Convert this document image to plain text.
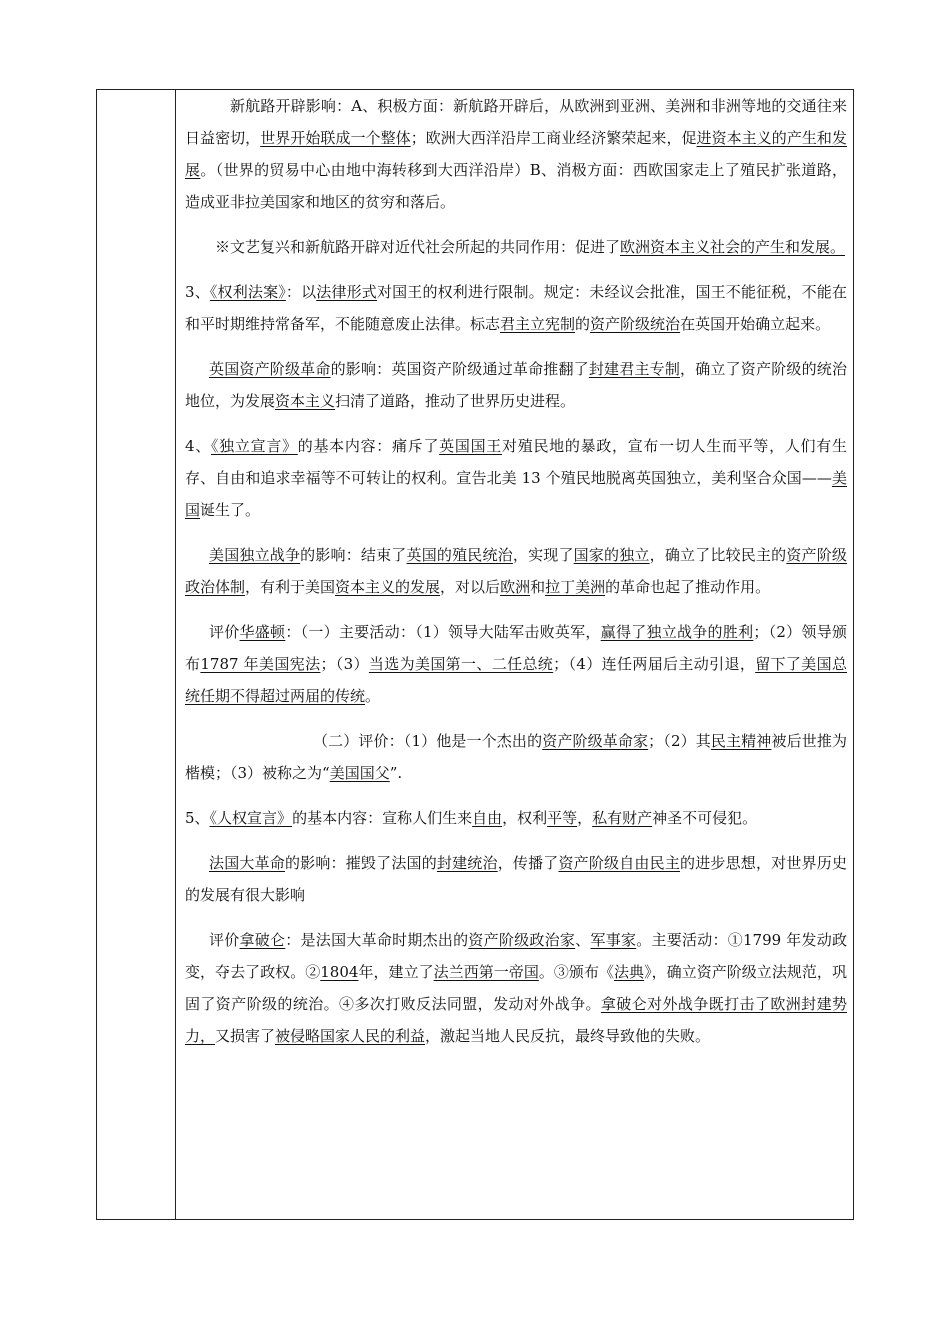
新航路开辟影响：A、积极方面：新航路开辟后，从欧洲到亚洲、美洲和非洲等地的交通往来日益密切，世界开始联成一个整体；欧洲大西洋沿岸工商业经济繁荣起来，促进资本主义的产生和发展。（世界的贸易中心由地中海转移到大西洋沿岸）B、消极方面：西欧国家走上了殖民扩张道路，造成亚非拉美国家和地区的贫穷和落后。

※文艺复兴和新航路开辟对近代社会所起的共同作用：促进了欧洲资本主义社会的产生和发展。

3、《权利法案》：以法律形式对国王的权利进行限制。规定：未经议会批准，国王不能征税，不能在和平时期维持常备军，不能随意废止法律。标志君主立宪制的资产阶级统治在英国开始确立起来。

英国资产阶级革命的影响：英国资产阶级通过革命推翻了封建君主专制，确立了资产阶级的统治地位，为发展资本主义扫清了道路，推动了世界历史进程。

4、《独立宣言》的基本内容：痛斥了英国国王对殖民地的暴政，宣布一切人生而平等，人们有生存、自由和追求幸福等不可转让的权利。宣告北美 13 个殖民地脱离英国独立，美利坚合众国——美国诞生了。

美国独立战争的影响：结束了英国的殖民统治，实现了国家的独立，确立了比较民主的资产阶级政治体制，有利于美国资本主义的发展，对以后欧洲和拉丁美洲的革命也起了推动作用。

评价华盛顿：（一）主要活动：（1）领导大陆军击败英军，赢得了独立战争的胜利；（2）领导颁布1787 年美国宪法；（3）当选为美国第一、二任总统；（4）连任两届后主动引退，留下了美国总统任期不得超过两届的传统。

（二）评价：（1）他是一个杰出的资产阶级革命家；（2）其民主精神被后世推为楷模；（3）被称之为“美国国父”.

5、《人权宣言》的基本内容：宣称人们生来自由，权利平等，私有财产神圣不可侵犯。

法国大革命的影响：摧毁了法国的封建统治，传播了资产阶级自由民主的进步思想，对世界历史的发展有很大影响

评价拿破仑：是法国大革命时期杰出的资产阶级政治家、军事家。主要活动：①1799 年发动政变，夺去了政权。②1804年，建立了法兰西第一帝国。③颁布《法典》，确立资产阶级立法规范，巩固了资产阶级的统治。④多次打败反法同盟，发动对外战争。拿破仑对外战争既打击了欧洲封建势力，又损害了被侵略国家人民的利益，激起当地人民反抗，最终导致他的失败。
